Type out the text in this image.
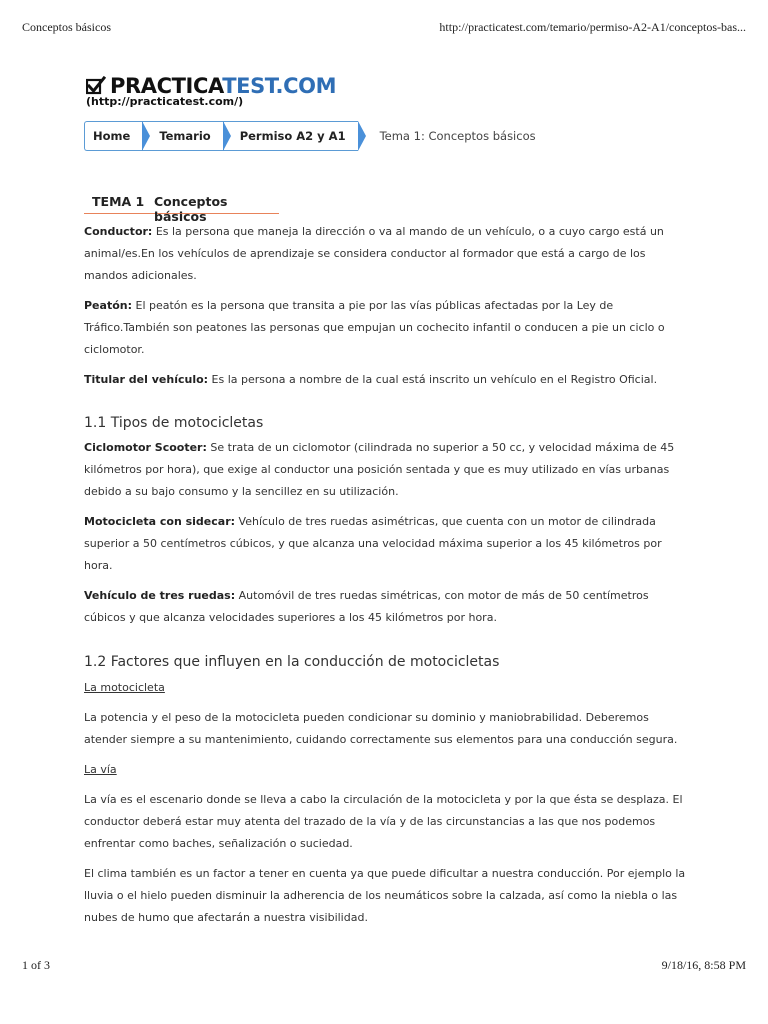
Conceptos básicos	http://practicatest.com/temario/permiso-A2-A1/conceptos-bas...
PRACTICATEST.COM
(http://practicatest.com/)
Home	Temario	Permiso A2 y A1	Tema 1: Conceptos básicos
TEMA 1 Conceptos básicos

Conductor: Es la persona que maneja la dirección o va al mando de un vehículo, o a cuyo cargo está un animal/es.En los vehículos de aprendizaje se considera conductor al formador que está a cargo de los mandos adicionales.

Peatón: El peatón es la persona que transita a pie por las vías públicas afectadas por la Ley de Tráfico.También son peatones las personas que empujan un cochecito infantil o conducen a pie un ciclo o ciclomotor.

Titular del vehículo: Es la persona a nombre de la cual está inscrito un vehículo en el Registro Oficial.

1.1 Tipos de motocicletas

Ciclomotor Scooter: Se trata de un ciclomotor (cilindrada no superior a 50 cc, y velocidad máxima de 45 kilómetros por hora), que exige al conductor una posición sentada y que es muy utilizado en vías urbanas debido a su bajo consumo y la sencillez en su utilización.

Motocicleta con sidecar: Vehículo de tres ruedas asimétricas, que cuenta con un motor de cilindrada superior a 50 centímetros cúbicos, y que alcanza una velocidad máxima superior a los 45 kilómetros por hora.

Vehículo de tres ruedas: Automóvil de tres ruedas simétricas, con motor de más de 50 centímetros cúbicos y que alcanza velocidades superiores a los 45 kilómetros por hora.

1.2 Factores que influyen en la conducción de motocicletas

La motocicleta

La potencia y el peso de la motocicleta pueden condicionar su dominio y maniobrabilidad. Deberemos atender siempre a su mantenimiento, cuidando correctamente sus elementos para una conducción segura.

La vía

La vía es el escenario donde se lleva a cabo la circulación de la motocicleta y por la que ésta se desplaza. El conductor deberá estar muy atenta del trazado de la vía y de las circunstancias a las que nos podemos enfrentar como baches, señalización o suciedad.

El clima también es un factor a tener en cuenta ya que puede dificultar a nuestra conducción. Por ejemplo la lluvia o el hielo pueden disminuir la adherencia de los neumáticos sobre la calzada, así como la niebla o las nubes de humo que afectarán a nuestra visibilidad.

1 of 3	9/18/16, 8:58 PM
